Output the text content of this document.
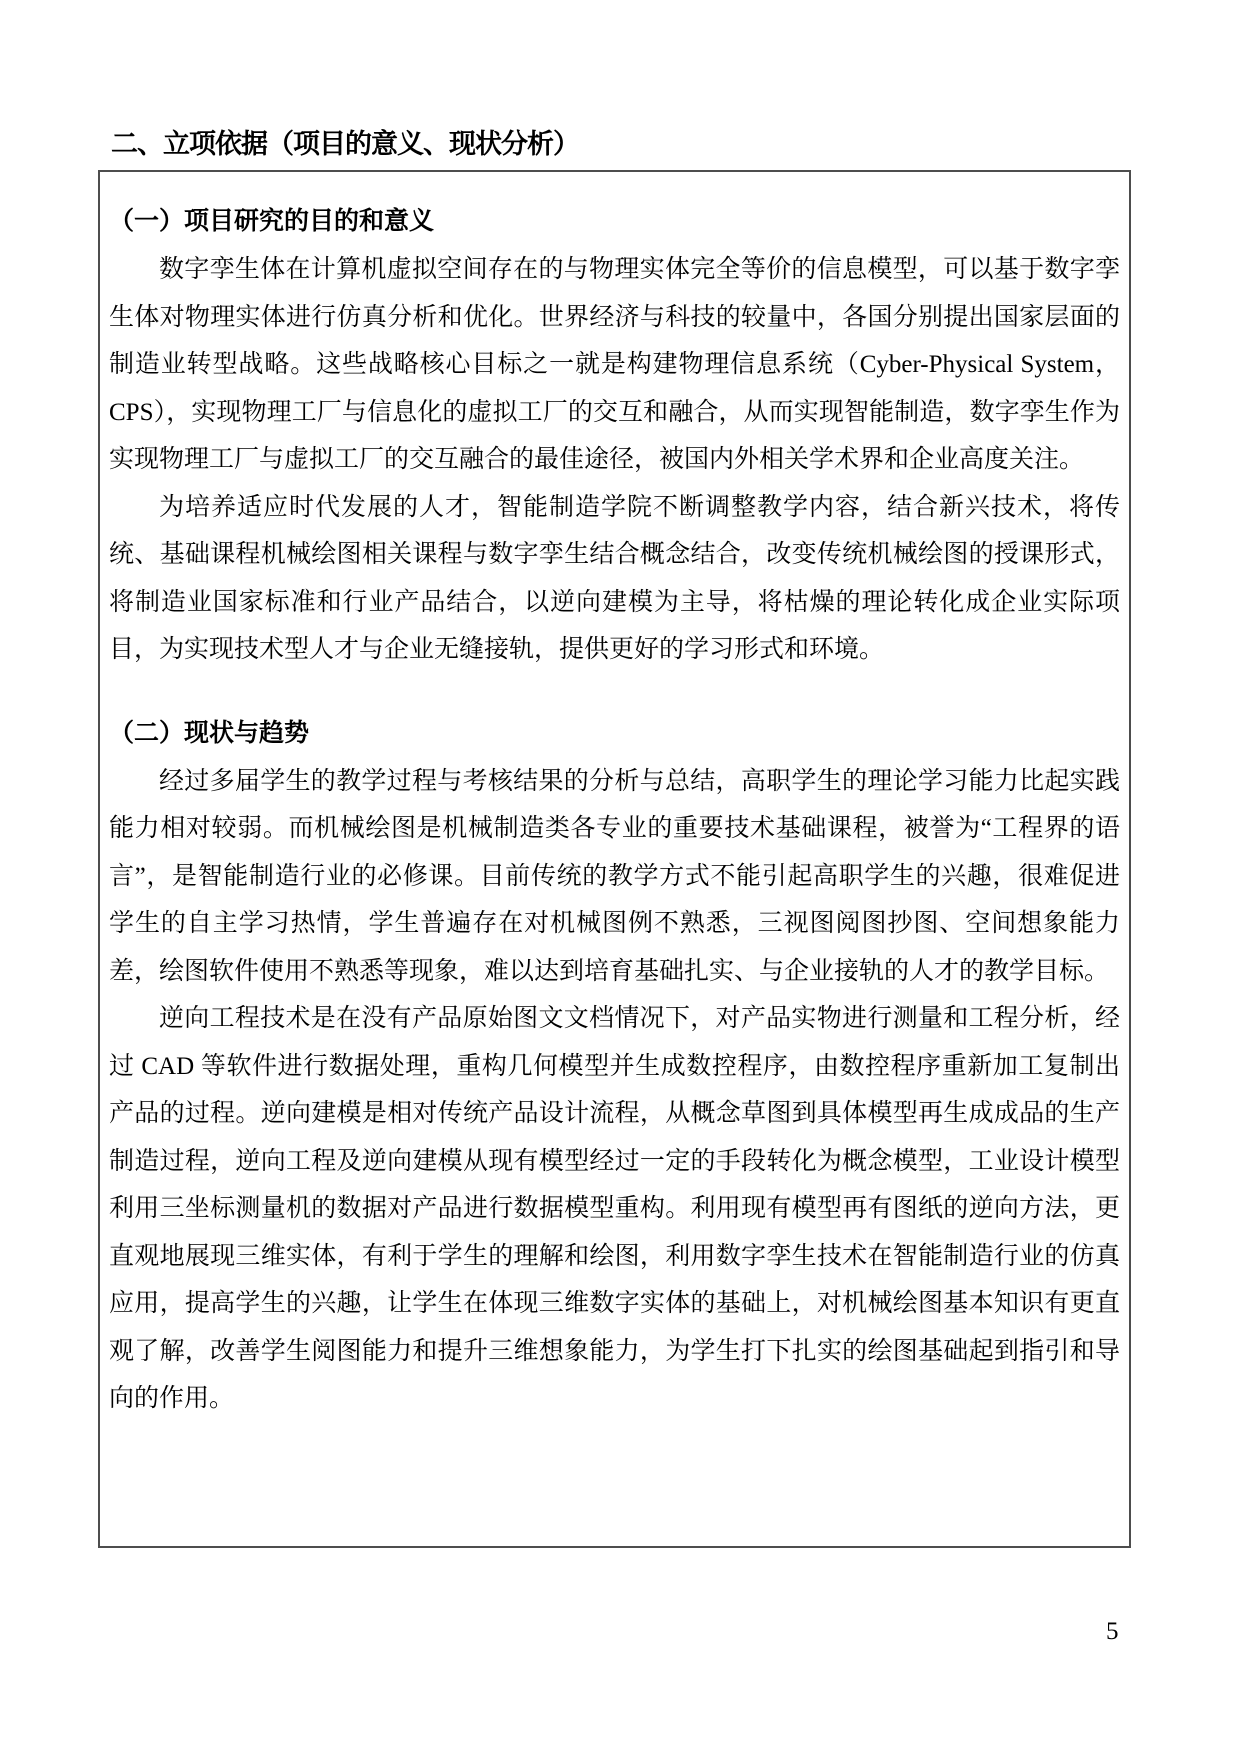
二、立项依据（项目的意义、现状分析）
（一）项目研究的目的和意义

数字孪生体在计算机虚拟空间存在的与物理实体完全等价的信息模型，可以基于数字孪生体对物理实体进行仿真分析和优化。世界经济与科技的较量中，各国分别提出国家层面的制造业转型战略。这些战略核心目标之一就是构建物理信息系统（Cyber-Physical System，CPS），实现物理工厂与信息化的虚拟工厂的交互和融合，从而实现智能制造，数字孪生作为实现物理工厂与虚拟工厂的交互融合的最佳途径，被国内外相关学术界和企业高度关注。

为培养适应时代发展的人才，智能制造学院不断调整教学内容，结合新兴技术，将传统、基础课程机械绘图相关课程与数字孪生结合概念结合，改变传统机械绘图的授课形式，将制造业国家标准和行业产品结合，以逆向建模为主导，将枯燥的理论转化成企业实际项目，为实现技术型人才与企业无缝接轨，提供更好的学习形式和环境。

（二）现状与趋势

经过多届学生的教学过程与考核结果的分析与总结，高职学生的理论学习能力比起实践能力相对较弱。而机械绘图是机械制造类各专业的重要技术基础课程，被誉为“工程界的语言”，是智能制造行业的必修课。目前传统的教学方式不能引起高职学生的兴趣，很难促进学生的自主学习热情，学生普遍存在对机械图例不熟悉，三视图阅图抄图、空间想象能力差，绘图软件使用不熟悉等现象，难以达到培育基础扎实、与企业接轨的人才的教学目标。

逆向工程技术是在没有产品原始图文文档情况下，对产品实物进行测量和工程分析，经过 CAD 等软件进行数据处理，重构几何模型并生成数控程序，由数控程序重新加工复制出产品的过程。逆向建模是相对传统产品设计流程，从概念草图到具体模型再生成成品的生产制造过程，逆向工程及逆向建模从现有模型经过一定的手段转化为概念模型，工业设计模型利用三坐标测量机的数据对产品进行数据模型重构。利用现有模型再有图纸的逆向方法，更直观地展现三维实体，有利于学生的理解和绘图，利用数字孪生技术在智能制造行业的仿真应用，提高学生的兴趣，让学生在体现三维数字实体的基础上，对机械绘图基本知识有更直观了解，改善学生阅图能力和提升三维想象能力，为学生打下扎实的绘图基础起到指引和导向的作用。

5
